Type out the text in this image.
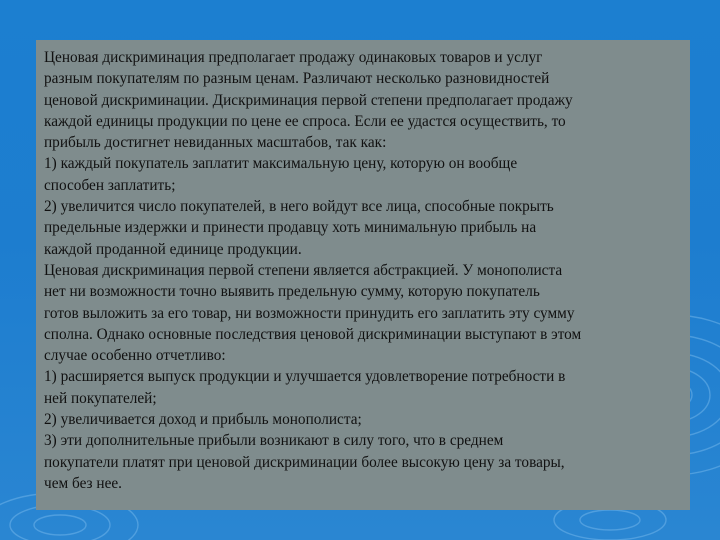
Ценовая дискриминация предполагает продажу одинаковых товаров и услуг
разным покупателям по разным ценам. Различают несколько разновидностей
ценовой дискриминации. Дискриминация первой степени предполагает продажу
каждой единицы продукции по цене ее спроса. Если ее удастся осуществить, то
прибыль достигнет невиданных масштабов, так как:
1) каждый покупатель заплатит максимальную цену, которую он вообще
способен заплатить;
2) увеличится число покупателей, в него войдут все лица, способные покрыть
предельные издержки и принести продавцу хоть минимальную прибыль на
каждой проданной единице продукции.
Ценовая дискриминация первой степени является абстракцией. У монополиста
нет ни возможности точно выявить предельную сумму, которую покупатель
готов выложить за его товар, ни возможности принудить его заплатить эту сумму
сполна. Однако основные последствия ценовой дискриминации выступают в этом
случае особенно отчетливо:
1) расширяется выпуск продукции и улучшается удовлетворение потребности в
ней покупателей;
2) увеличивается доход и прибыль монополиста;
3) эти дополнительные прибыли возникают в силу того, что в среднем
покупатели платят при ценовой дискриминации более высокую цену за товары,
чем без нее.
